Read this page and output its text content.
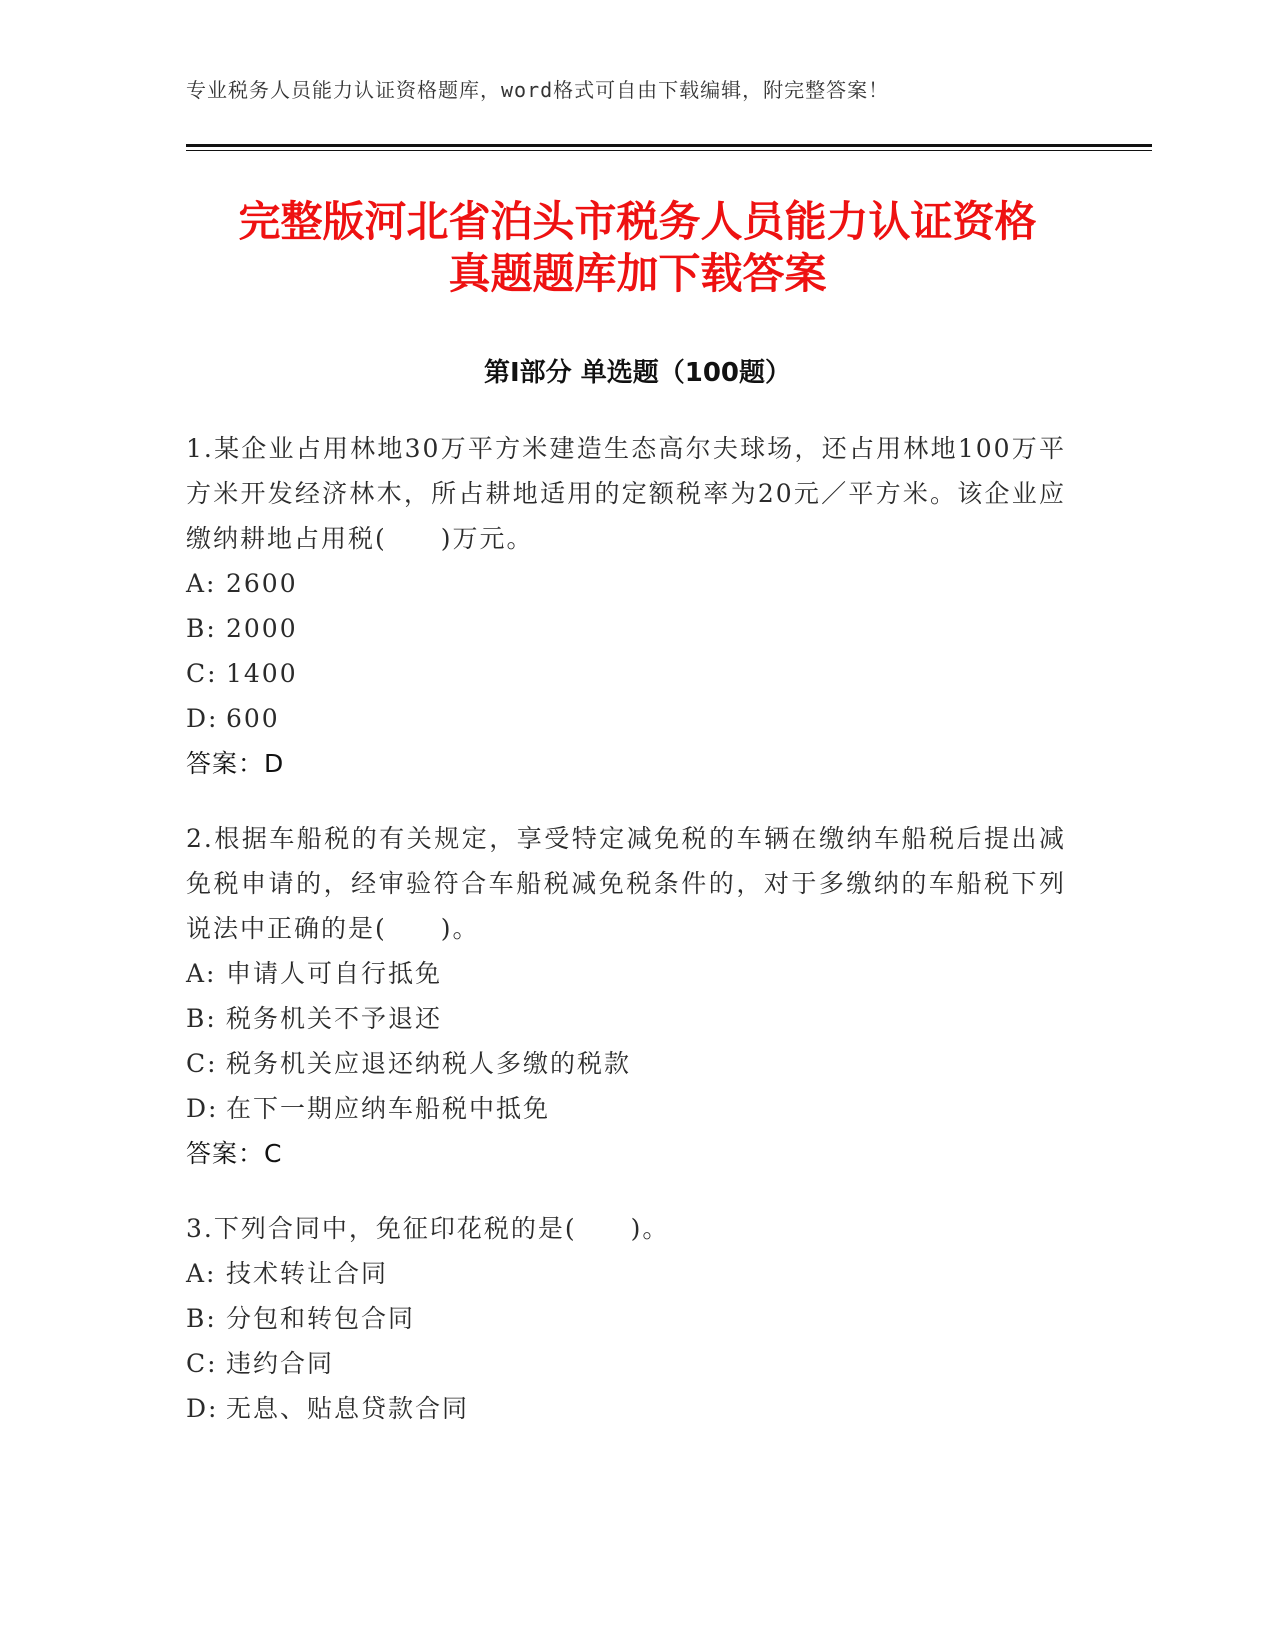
专业税务人员能力认证资格题库，word格式可自由下载编辑，附完整答案！
完整版河北省泊头市税务人员能力认证资格
真题题库加下载答案
第Ⅰ部分 单选题（100题）
1.某企业占用林地30万平方米建造生态高尔夫球场，还占用林地100万平方米开发经济林木，所占耕地适用的定额税率为20元／平方米。该企业应缴纳耕地占用税(　　)万元。
A: 2600
B: 2000
C: 1400
D: 600
答案：D
2.根据车船税的有关规定，享受特定减免税的车辆在缴纳车船税后提出减免税申请的，经审验符合车船税减免税条件的，对于多缴纳的车船税下列说法中正确的是(　　)。
A: 申请人可自行抵免
B: 税务机关不予退还
C: 税务机关应退还纳税人多缴的税款
D: 在下一期应纳车船税中抵免
答案：C
3.下列合同中，免征印花税的是(　　)。
A: 技术转让合同
B: 分包和转包合同
C: 违约合同
D: 无息、贴息贷款合同
